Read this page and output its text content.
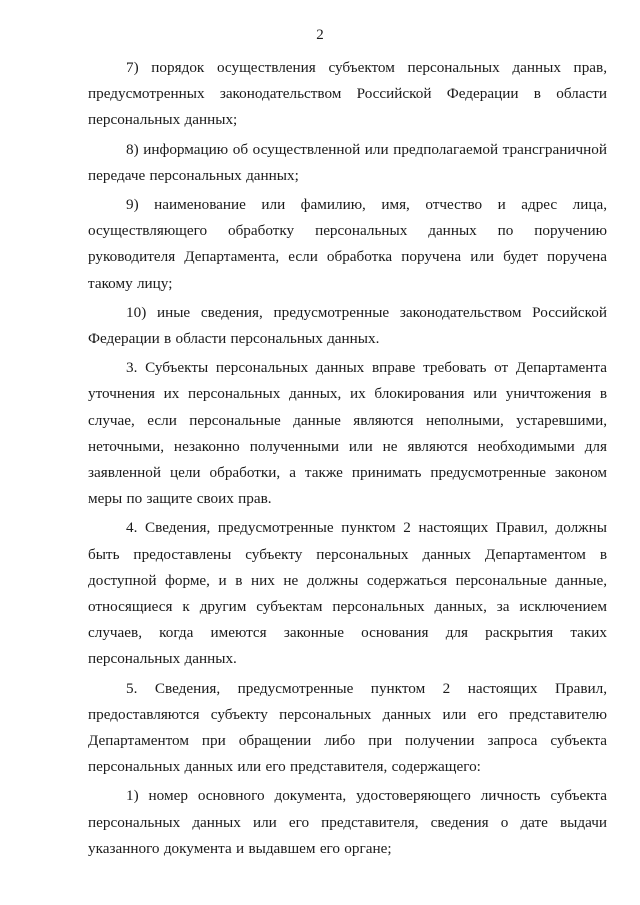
2

7) порядок осуществления субъектом персональных данных прав, предусмотренных законодательством Российской Федерации в области персональных данных;

8) информацию об осуществленной или предполагаемой трансграничной передаче персональных данных;

9) наименование или фамилию, имя, отчество и адрес лица, осуществляющего обработку персональных данных по поручению руководителя Департамента, если обработка поручена или будет поручена такому лицу;

10) иные сведения, предусмотренные законодательством Российской Федерации в области персональных данных.

3. Субъекты персональных данных вправе требовать от Департамента уточнения их персональных данных, их блокирования или уничтожения в случае, если персональные данные являются неполными, устаревшими, неточными, незаконно полученными или не являются необходимыми для заявленной цели обработки, а также принимать предусмотренные законом меры по защите своих прав.

4. Сведения, предусмотренные пунктом 2 настоящих Правил, должны быть предоставлены субъекту персональных данных Департаментом в доступной форме, и в них не должны содержаться персональные данные, относящиеся к другим субъектам персональных данных, за исключением случаев, когда имеются законные основания для раскрытия таких персональных данных.

5. Сведения, предусмотренные пунктом 2 настоящих Правил, предоставляются субъекту персональных данных или его представителю Департаментом при обращении либо при получении запроса субъекта персональных данных или его представителя, содержащего:

1) номер основного документа, удостоверяющего личность субъекта персональных данных или его представителя, сведения о дате выдачи указанного документа и выдавшем его органе;
